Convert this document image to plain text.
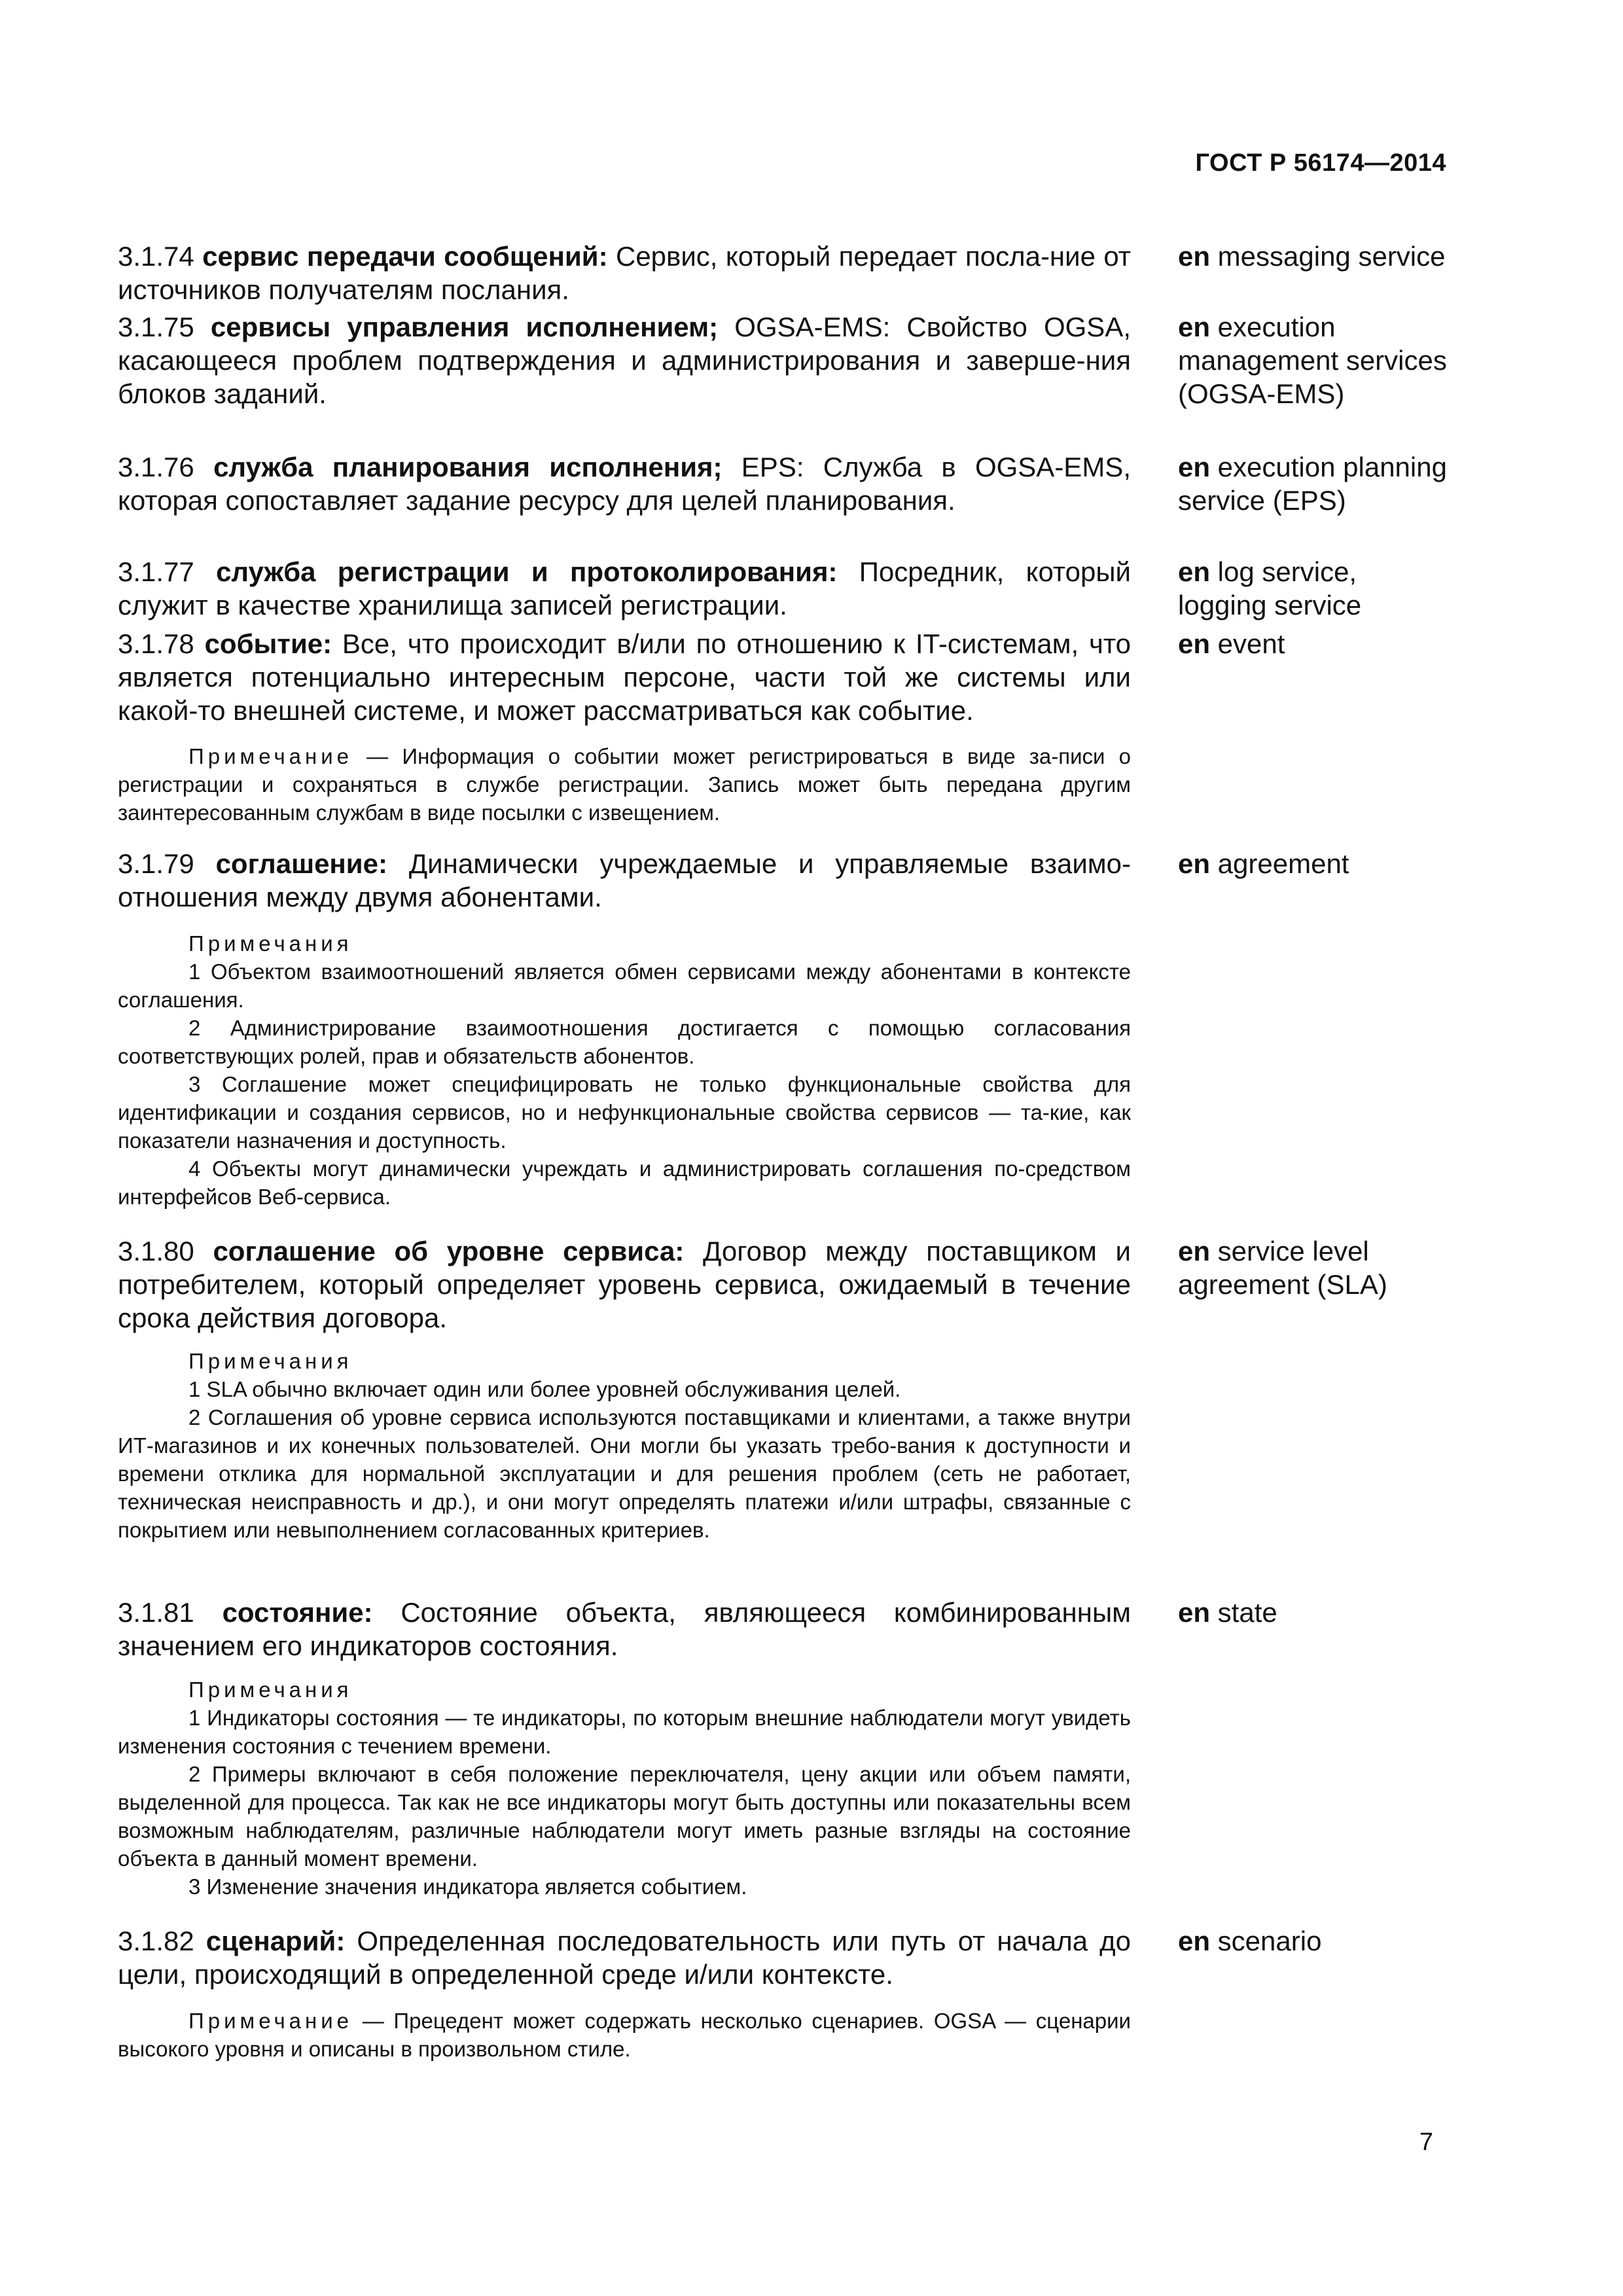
ГОСТ Р 56174—2014

3.1.74 сервис передачи сообщений: Сервис, который передает посла-ние от источников получателям послания.

en messaging service

3.1.75 сервисы управления исполнением; OGSA-EMS: Свойство OGSA, касающееся проблем подтверждения и администрирования и заверше-ния блоков заданий.

en execution management services (OGSA-EMS)

3.1.76 служба планирования исполнения; EPS: Служба в OGSA-EMS, которая сопоставляет задание ресурсу для целей планирования.

en execution planning service (EPS)

3.1.77 служба регистрации и протоколирования: Посредник, который служит в качестве хранилища записей регистрации.

en log service, logging service

3.1.78 событие: Все, что происходит в/или по отношению к IT-системам, что является потенциально интересным персоне, части той же системы или какой-то внешней системе, и может рассматриваться как событие.

en event

Примечание — Информация о событии может регистрироваться в виде за-писи о регистрации и сохраняться в службе регистрации. Запись может быть передана другим заинтересованным службам в виде посылки с извещением.

3.1.79 соглашение: Динамически учреждаемые и управляемые взаимо-отношения между двумя абонентами.

en agreement

Примечания

1 Объектом взаимоотношений является обмен сервисами между абонентами в контексте соглашения.

2 Администрирование взаимоотношения достигается с помощью согласования соответствующих ролей, прав и обязательств абонентов.

3 Соглашение может специфицировать не только функциональные свойства для идентификации и создания сервисов, но и нефункциональные свойства сервисов — та-кие, как показатели назначения и доступность.

4 Объекты могут динамически учреждать и администрировать соглашения по-средством интерфейсов Веб-сервиса.

3.1.80 соглашение об уровне сервиса: Договор между поставщиком и потребителем, который определяет уровень сервиса, ожидаемый в течение срока действия договора.

en service level agreement (SLA)

Примечания

1 SLA обычно включает один или более уровней обслуживания целей.

2 Соглашения об уровне сервиса используются поставщиками и клиентами, а также внутри ИТ-магазинов и их конечных пользователей. Они могли бы указать требо-вания к доступности и времени отклика для нормальной эксплуатации и для решения проблем (сеть не работает, техническая неисправность и др.), и они могут определять платежи и/или штрафы, связанные с покрытием или невыполнением согласованных критериев.

3.1.81 состояние: Состояние объекта, являющееся комбинированным значением его индикаторов состояния.

en state

Примечания

1 Индикаторы состояния — те индикаторы, по которым внешние наблюдатели могут увидеть изменения состояния с течением времени.

2 Примеры включают в себя положение переключателя, цену акции или объем памяти, выделенной для процесса. Так как не все индикаторы могут быть доступны или показательны всем возможным наблюдателям, различные наблюдатели могут иметь разные взгляды на состояние объекта в данный момент времени.

3 Изменение значения индикатора является событием.

3.1.82 сценарий: Определенная последовательность или путь от начала до цели, происходящий в определенной среде и/или контексте.

en scenario

Примечание — Прецедент может содержать несколько сценариев. OGSA — сценарии высокого уровня и описаны в произвольном стиле.

7
